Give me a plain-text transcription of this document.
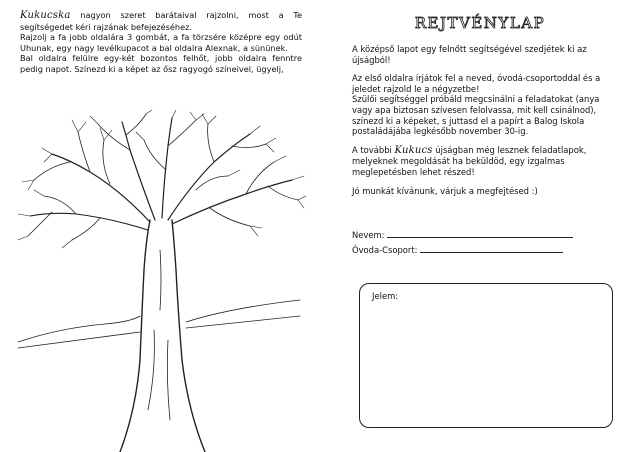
Kukucska nagyon szeret barátaival rajzolni, most a Te segítségedet kéri rajzának befejezéséhez.

Rajzolj a fa jobb oldalára 3 gombát, a fa törzsére középre egy odút Uhunak, egy nagy levélkupacot a bal oldalra Alexnak, a sününek.

Bal oldalra felülre egy-két bozontos felhőt, jobb oldalra fenntre pedig napot. Színezd ki a képet az ősz ragyogó színeivel, ügyelj,

REJTVÉNYLAP

A középső lapot egy felnőtt segítségével szedjétek ki az újságból!

Az első oldalra írjátok fel a neved, óvodá-csoportoddal és a jeledet rajzold le a négyzetbe!

Szülői segítséggel próbáld megcsinálni a feladatokat (anya vagy apa biztosan szívesen felolvassa, mit kell csinálnod), színezd ki a képeket, s juttasd el a papírt a Balog Iskola postaládájába legkésőbb november 30-ig.

A további Kukucs újságban még lesznek feladatlapok, melyeknek megoldását ha beküldöd, egy izgalmas meglepetésben lehet részed!

Jó munkát kívánunk, várjuk a megfejtésed :)

Nevem:
Óvoda-Csoport:
Jelem:
